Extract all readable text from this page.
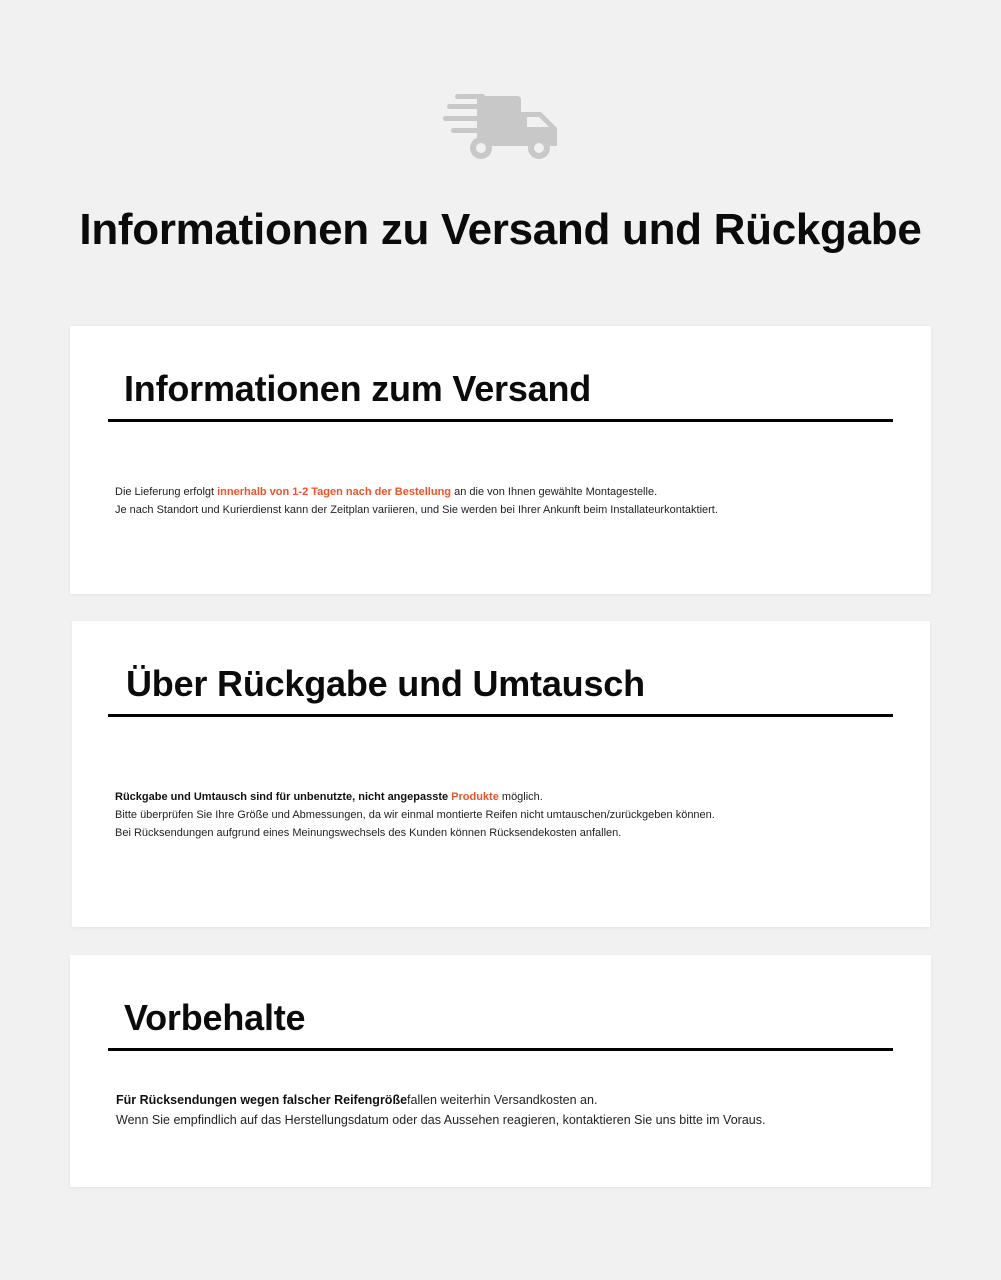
Informationen zu Versand und Rückgabe
Informationen zum Versand
Die Lieferung erfolgt innerhalb von 1-2 Tagen nach der Bestellung an die von Ihnen gewählte Montagestelle.
Je nach Standort und Kurierdienst kann der Zeitplan variieren, und Sie werden bei Ihrer Ankunft beim Installateurkontaktiert.
Über Rückgabe und Umtausch
Rückgabe und Umtausch sind für unbenutzte, nicht angepasste Produkte möglich.
Bitte überprüfen Sie Ihre Größe und Abmessungen, da wir einmal montierte Reifen nicht umtauschen/zurückgeben können.
Bei Rücksendungen aufgrund eines Meinungswechsels des Kunden können Rücksendekosten anfallen.
Vorbehalte
Für Rücksendungen wegen falscher Reifengrößefallen weiterhin Versandkosten an.
Wenn Sie empfindlich auf das Herstellungsdatum oder das Aussehen reagieren, kontaktieren Sie uns bitte im Voraus.
